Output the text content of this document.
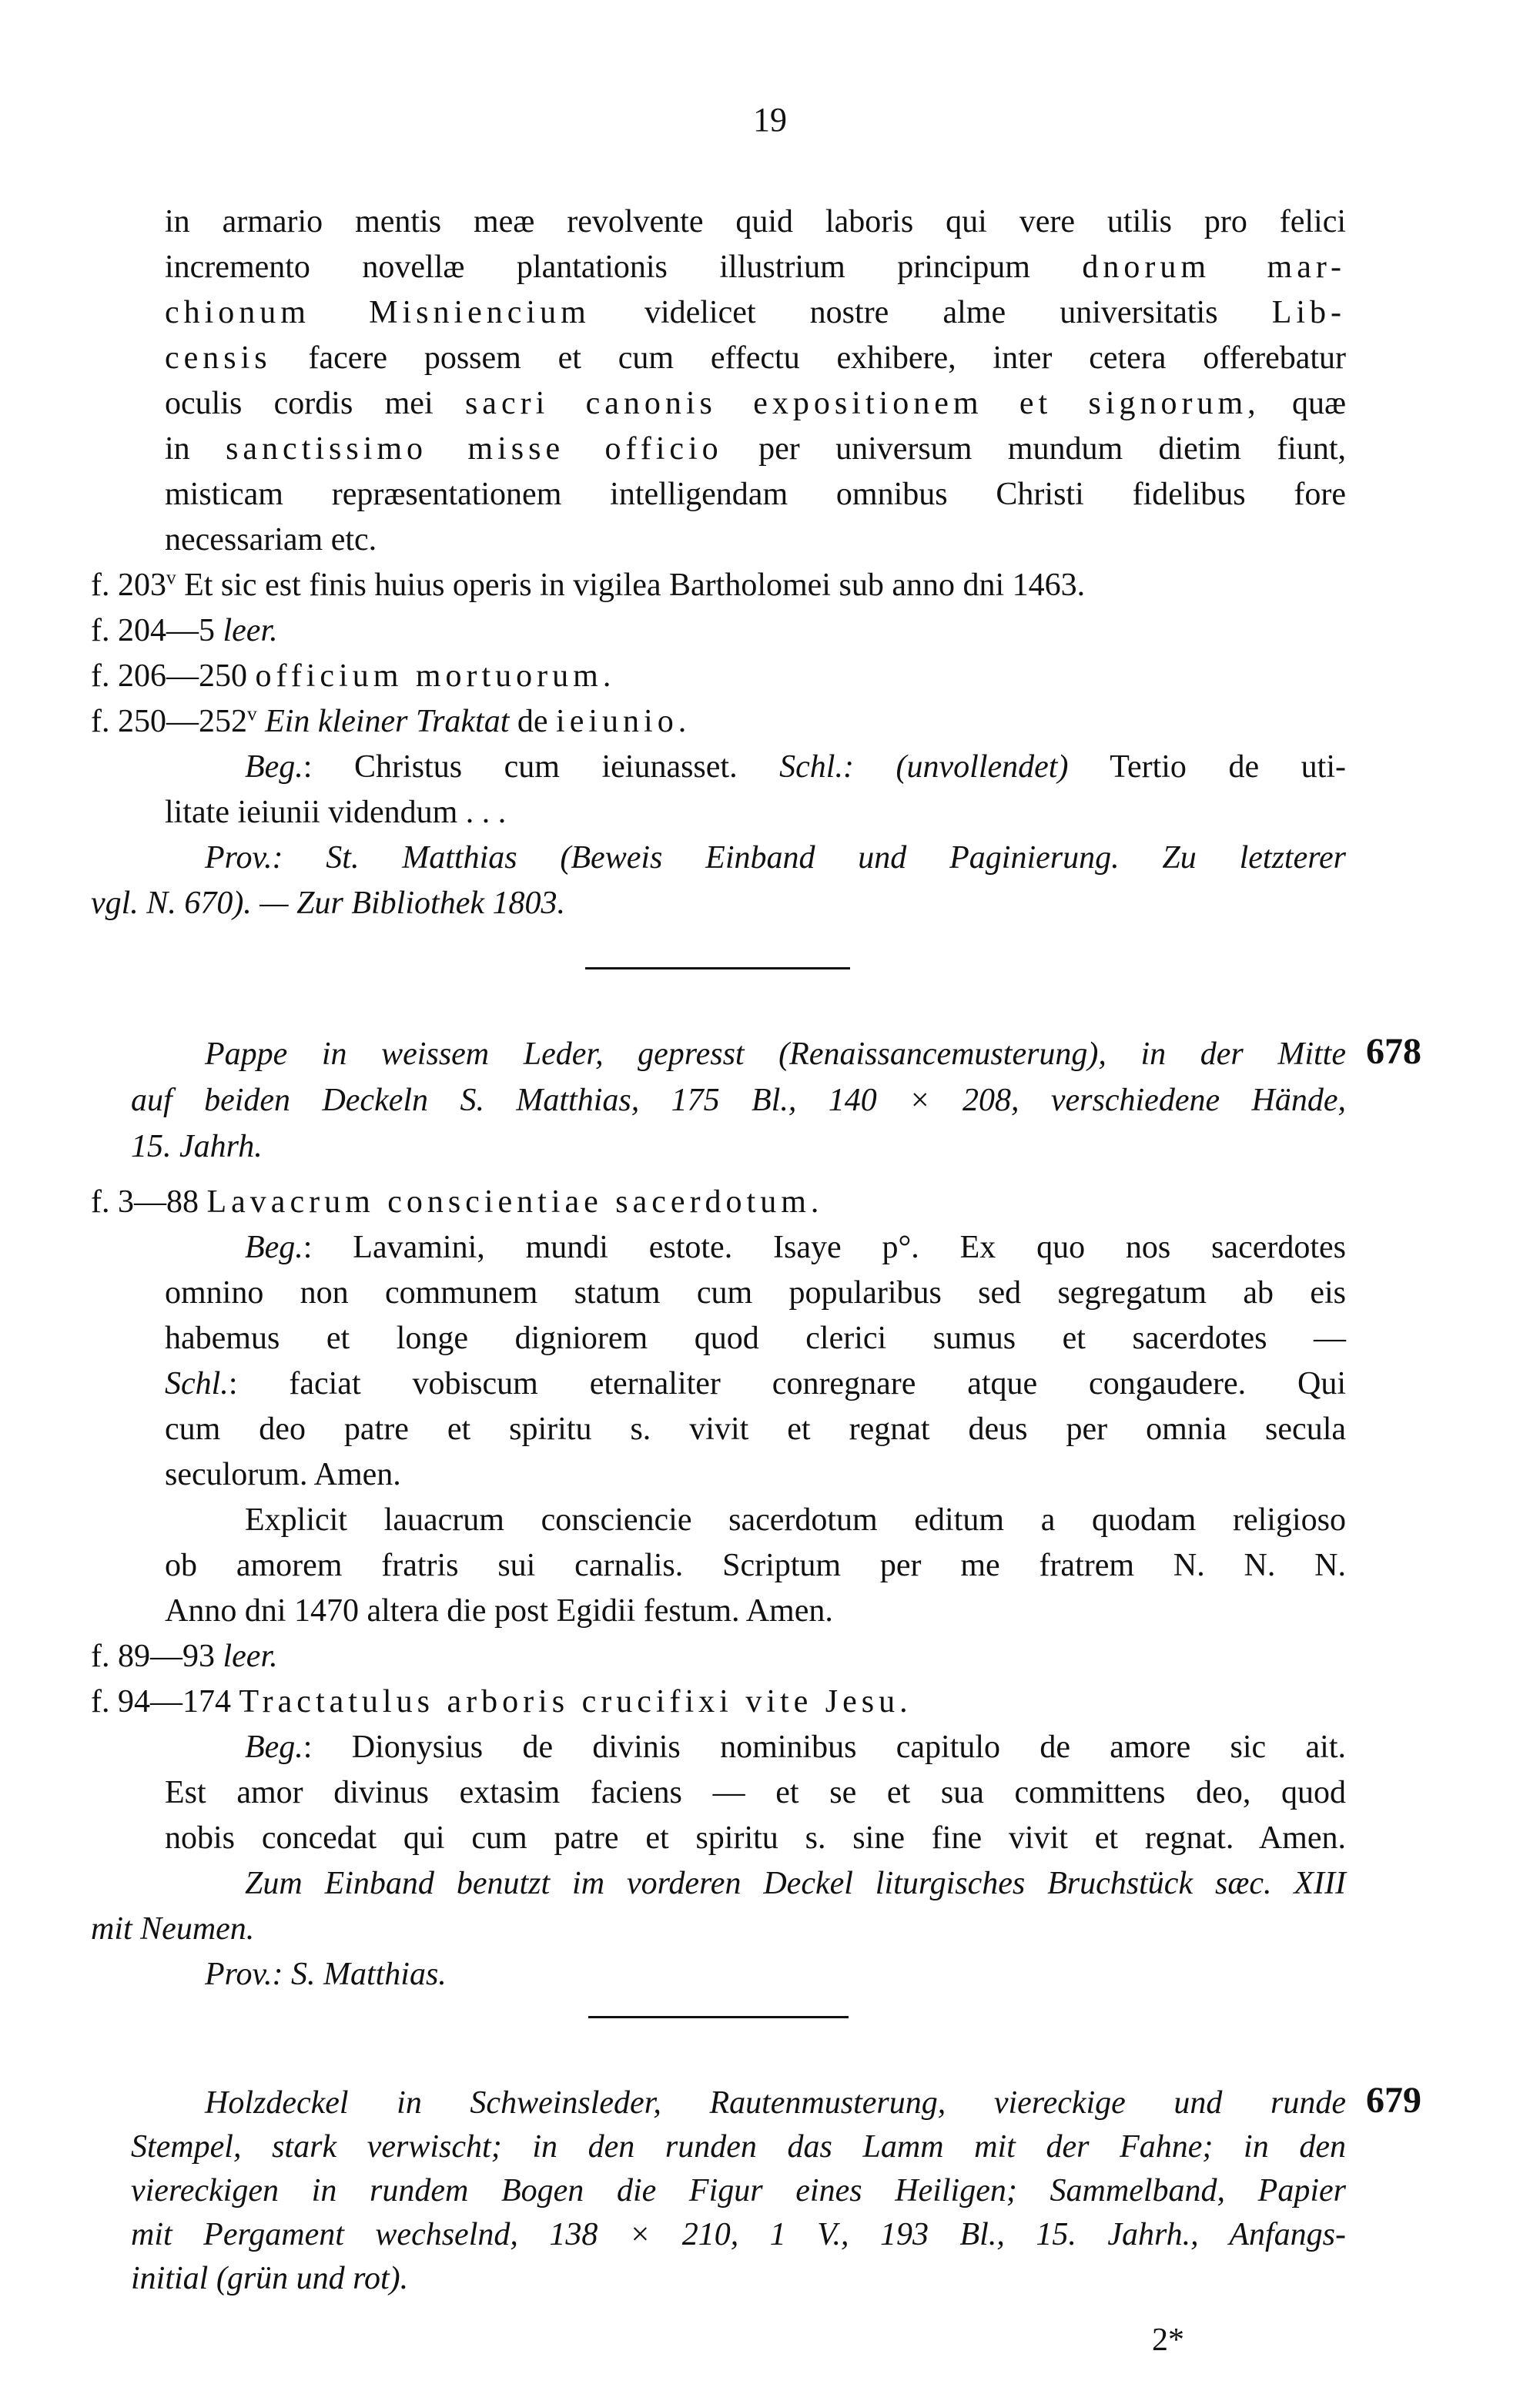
19

in armario mentis meæ revolvente quid laboris qui vere utilis pro felici

incremento novellæ plantationis illustrium principum dnorum mar-

chionum Misniencium videlicet nostre alme universitatis Lib-

censis facere possem et cum effectu exhibere, inter cetera offerebatur

oculis cordis mei sacri canonis expositionem et signorum, quæ

in sanctissimo misse officio per universum mundum dietim fiunt,

misticam repræsentationem intelligendam omnibus Christi fidelibus fore

necessariam etc.

f. 203$^v$ Et sic est finis huius operis in vigilea Bartholomei sub anno dni 1463.

f. 204—5 leer.

f. 206—250 officium mortuorum.

f. 250—252$^v$ Ein kleiner Traktat de ieiunio.

Beg.: Christus cum ieiunasset. Schl.: (unvollendet) Tertio de uti-

litate ieiunii videndum . . .

Prov.: St. Matthias (Beweis Einband und Paginierung. Zu letzterer

vgl. N. 670). — Zur Bibliothek 1803.

678

Pappe in weissem Leder, gepresst (Renaissancemusterung), in der Mitte

auf beiden Deckeln S. Matthias, 175 Bl., 140 × 208, verschiedene Hände,

15. Jahrh.

f. 3—88 Lavacrum conscientiae sacerdotum.

Beg.: Lavamini, mundi estote. Isaye p°. Ex quo nos sacerdotes

omnino non communem statum cum popularibus sed segregatum ab eis

habemus et longe digniorem quod clerici sumus et sacerdotes —

Schl.: faciat vobiscum eternaliter conregnare atque congaudere. Qui

cum deo patre et spiritu s. vivit et regnat deus per omnia secula

seculorum. Amen.

Explicit lauacrum consciencie sacerdotum editum a quodam religioso

ob amorem fratris sui carnalis. Scriptum per me fratrem N. N. N.

Anno dni 1470 altera die post Egidii festum. Amen.

f. 89—93 leer.

f. 94—174 Tractatulus arboris crucifixi vite Jesu.

Beg.: Dionysius de divinis nominibus capitulo de amore sic ait.

Est amor divinus extasim faciens — et se et sua committens deo, quod

nobis concedat qui cum patre et spiritu s. sine fine vivit et regnat. Amen.

Zum Einband benutzt im vorderen Deckel liturgisches Bruchstück sæc. XIII

mit Neumen.

Prov.: S. Matthias.

679

Holzdeckel in Schweinsleder, Rautenmusterung, viereckige und runde

Stempel, stark verwischt; in den runden das Lamm mit der Fahne; in den

viereckigen in rundem Bogen die Figur eines Heiligen; Sammelband, Papier

mit Pergament wechselnd, 138 × 210, 1 V., 193 Bl., 15. Jahrh., Anfangs-

initial (grün und rot).

2*
